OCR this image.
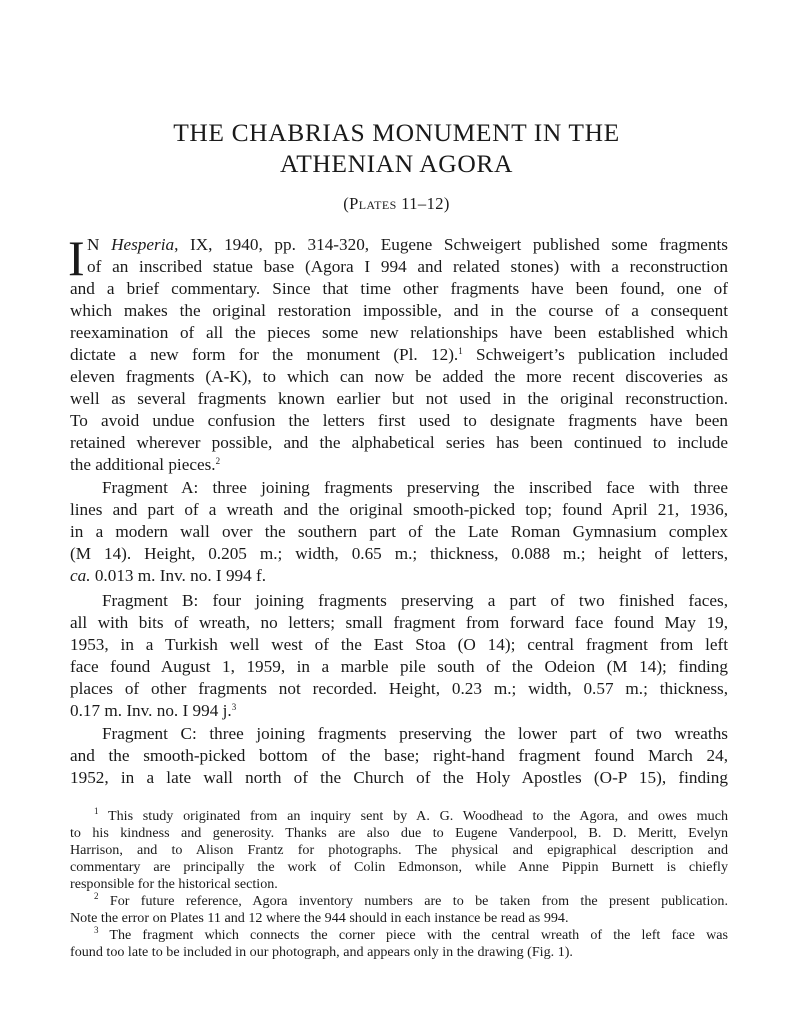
THE CHABRIAS MONUMENT IN THE
ATHENIAN AGORA
(Plates 11–12)
I N Hesperia, IX, 1940, pp. 314-320, Eugene Schweigert published some fragments
of an inscribed statue base (Agora I 994 and related stones) with a reconstruction
and a brief commentary. Since that time other fragments have been found, one of
which makes the original restoration impossible, and in the course of a consequent
reexamination of all the pieces some new relationships have been established which
dictate a new form for the monument (Pl. 12).$^1$ Schweigert’s publication included
eleven fragments (A-K), to which can now be added the more recent discoveries as
well as several fragments known earlier but not used in the original reconstruction.
To avoid undue confusion the letters first used to designate fragments have been
retained wherever possible, and the alphabetical series has been continued to include
the additional pieces.$^2$
Fragment A: three joining fragments preserving the inscribed face with three
lines and part of a wreath and the original smooth-picked top; found April 21, 1936,
in a modern wall over the southern part of the Late Roman Gymnasium complex
(M 14). Height, 0.205 m.; width, 0.65 m.; thickness, 0.088 m.; height of letters,
ca. 0.013 m. Inv. no. I 994 f.
Fragment B: four joining fragments preserving a part of two finished faces,
all with bits of wreath, no letters; small fragment from forward face found May 19,
1953, in a Turkish well west of the East Stoa (O 14); central fragment from left
face found August 1, 1959, in a marble pile south of the Odeion (M 14); finding
places of other fragments not recorded. Height, 0.23 m.; width, 0.57 m.; thickness,
0.17 m. Inv. no. I 994 j.$^3$
Fragment C: three joining fragments preserving the lower part of two wreaths
and the smooth-picked bottom of the base; right-hand fragment found March 24,
1952, in a late wall north of the Church of the Holy Apostles (O-P 15), finding
$^1$ This study originated from an inquiry sent by A. G. Woodhead to the Agora, and owes much
to his kindness and generosity. Thanks are also due to Eugene Vanderpool, B. D. Meritt, Evelyn
Harrison, and to Alison Frantz for photographs. The physical and epigraphical description and
commentary are principally the work of Colin Edmonson, while Anne Pippin Burnett is chiefly
responsible for the historical section.
$^2$ For future reference, Agora inventory numbers are to be taken from the present publication.
Note the error on Plates 11 and 12 where the 944 should in each instance be read as 994.
$^3$ The fragment which connects the corner piece with the central wreath of the left face was
found too late to be included in our photograph, and appears only in the drawing (Fig. 1).
